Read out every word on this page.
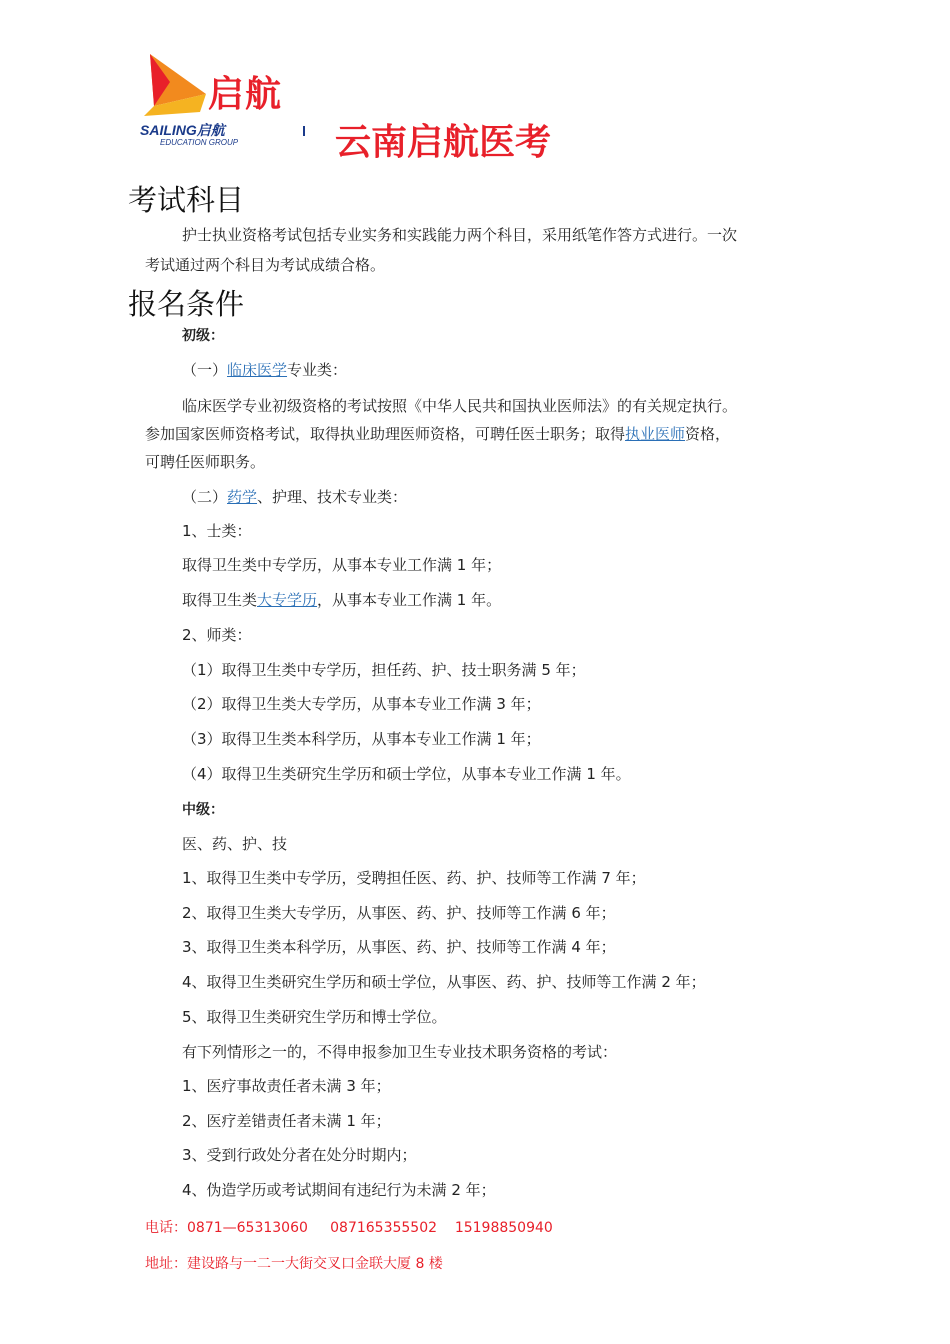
启航
SAILING启航
EDUCATION GROUP	云南启航医考
考试科目
护士执业资格考试包括专业实务和实践能力两个科目，采用纸笔作答方式进行。一次
考试通过两个科目为考试成绩合格。
报名条件
初级：
（一）临床医学专业类：
临床医学专业初级资格的考试按照《中华人民共和国执业医师法》的有关规定执行。
参加国家医师资格考试，取得执业助理医师资格，可聘任医士职务；取得执业医师资格，
可聘任医师职务。
（二）药学、护理、技术专业类：
1、士类：
取得卫生类中专学历，从事本专业工作满 1 年；
取得卫生类大专学历，从事本专业工作满 1 年。
2、师类：
（1）取得卫生类中专学历，担任药、护、技士职务满 5 年；
（2）取得卫生类大专学历，从事本专业工作满 3 年；
（3）取得卫生类本科学历，从事本专业工作满 1 年；
（4）取得卫生类研究生学历和硕士学位，从事本专业工作满 1 年。
中级：
医、药、护、技
1、取得卫生类中专学历，受聘担任医、药、护、技师等工作满 7 年；
2、取得卫生类大专学历，从事医、药、护、技师等工作满 6 年；
3、取得卫生类本科学历，从事医、药、护、技师等工作满 4 年；
4、取得卫生类研究生学历和硕士学位，从事医、药、护、技师等工作满 2 年；
5、取得卫生类研究生学历和博士学位。
有下列情形之一的，不得申报参加卫生专业技术职务资格的考试：
1、医疗事故责任者未满 3 年；
2、医疗差错责任者未满 1 年；
3、受到行政处分者在处分时期内；
4、伪造学历或考试期间有违纪行为未满 2 年；
电话：0871—65313060     087165355502    15198850940
地址：建设路与一二一大街交叉口金联大厦 8 楼
